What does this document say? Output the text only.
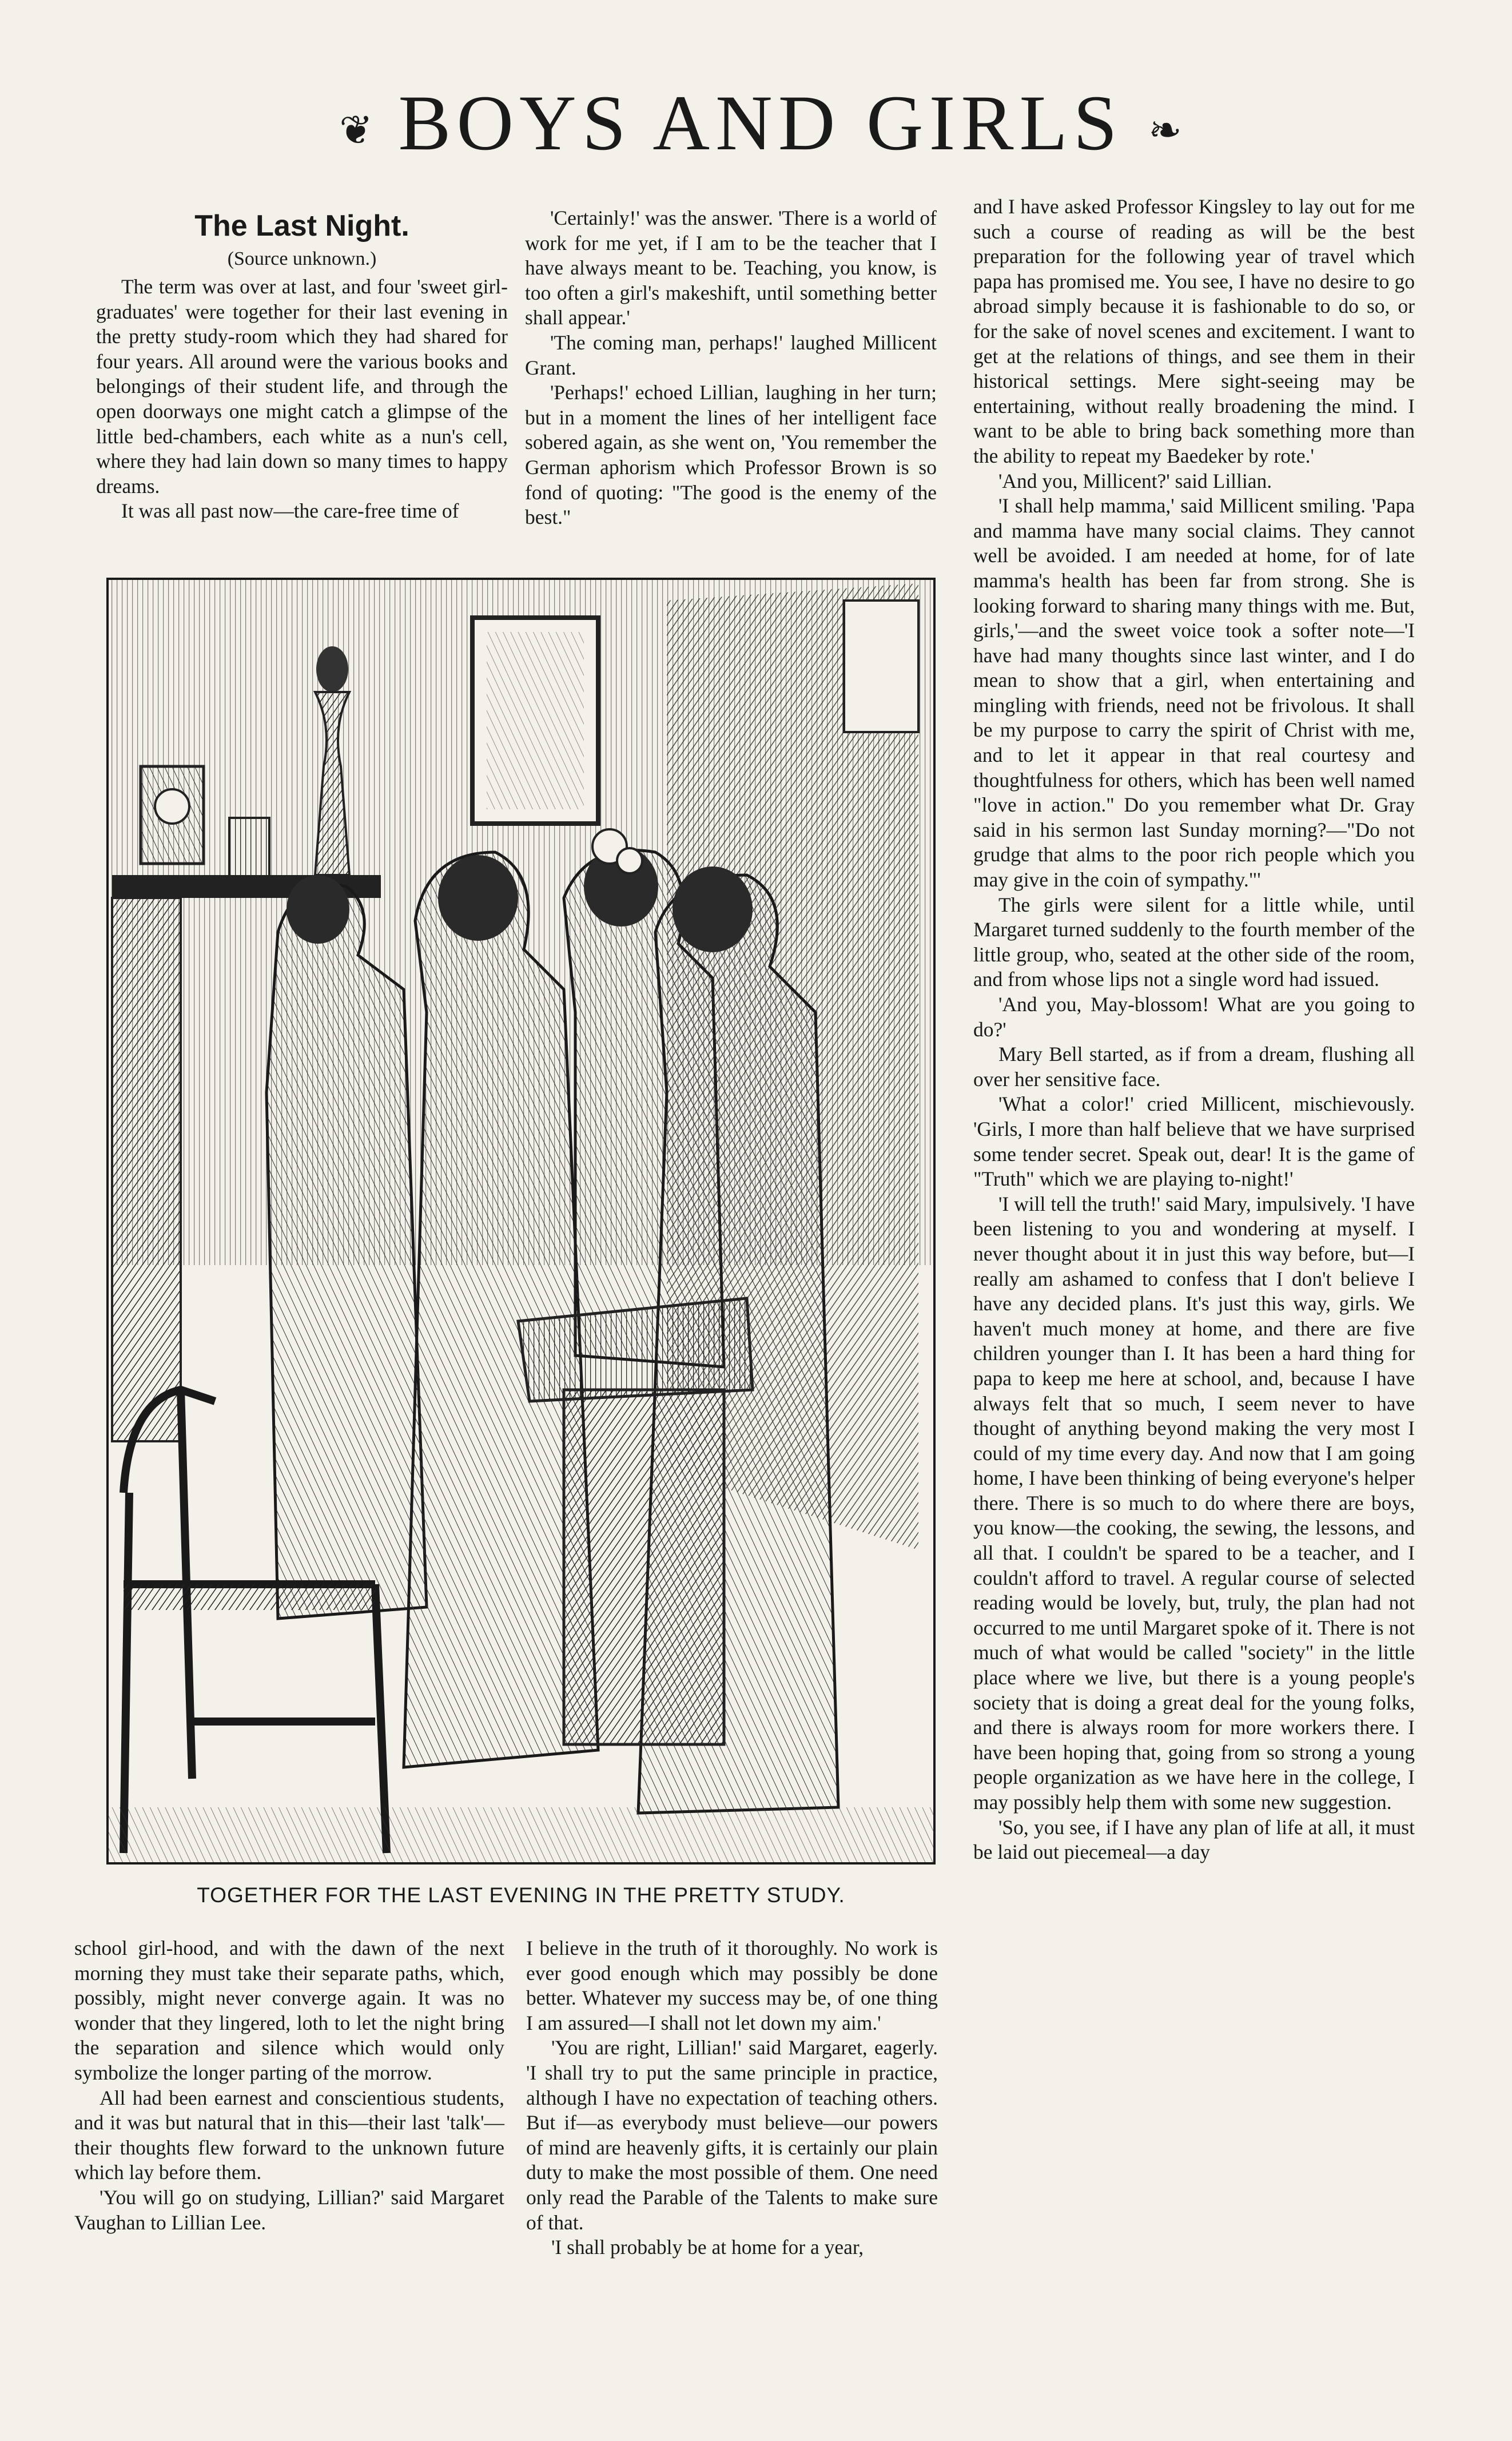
❦ BOYS AND GIRLS ❧
The Last Night.
(Source unknown.)

The term was over at last, and four 'sweet girl-graduates' were together for their last evening in the pretty study-room which they had shared for four years. All around were the various books and belongings of their student life, and through the open doorways one might catch a glimpse of the little bed-chambers, each white as a nun's cell, where they had lain down so many times to happy dreams.

It was all past now—the care-free time of

'Certainly!' was the answer. 'There is a world of work for me yet, if I am to be the teacher that I have always meant to be. Teaching, you know, is too often a girl's makeshift, until something better shall appear.'

'The coming man, perhaps!' laughed Millicent Grant.

'Perhaps!' echoed Lillian, laughing in her turn; but in a moment the lines of her intelligent face sobered again, as she went on, 'You remember the German aphorism which Professor Brown is so fond of quoting: "The good is the enemy of the best."

and I have asked Professor Kingsley to lay out for me such a course of reading as will be the best preparation for the following year of travel which papa has promised me. You see, I have no desire to go abroad simply because it is fashionable to do so, or for the sake of novel scenes and excitement. I want to get at the relations of things, and see them in their historical settings. Mere sight-seeing may be entertaining, without really broadening the mind. I want to be able to bring back something more than the ability to repeat my Baedeker by rote.'

'And you, Millicent?' said Lillian.

'I shall help mamma,' said Millicent smiling. 'Papa and mamma have many social claims. They cannot well be avoided. I am needed at home, for of late mamma's health has been far from strong. She is looking forward to sharing many things with me. But, girls,'—and the sweet voice took a softer note—'I have had many thoughts since last winter, and I do mean to show that a girl, when entertaining and mingling with friends, need not be frivolous. It shall be my purpose to carry the spirit of Christ with me, and to let it appear in that real courtesy and thoughtfulness for others, which has been well named "love in action." Do you remember what Dr. Gray said in his sermon last Sunday morning?—"Do not grudge that alms to the poor rich people which you may give in the coin of sympathy."'

The girls were silent for a little while, until Margaret turned suddenly to the fourth member of the little group, who, seated at the other side of the room, and from whose lips not a single word had issued.

'And you, May-blossom! What are you going to do?'

Mary Bell started, as if from a dream, flushing all over her sensitive face.

'What a color!' cried Millicent, mischievously. 'Girls, I more than half believe that we have surprised some tender secret. Speak out, dear! It is the game of "Truth" which we are playing to-night!'

'I will tell the truth!' said Mary, impulsively. 'I have been listening to you and wondering at myself. I never thought about it in just this way before, but—I really am ashamed to confess that I don't believe I have any decided plans. It's just this way, girls. We haven't much money at home, and there are five children younger than I. It has been a hard thing for papa to keep me here at school, and, because I have always felt that so much, I seem never to have thought of anything beyond making the very most I could of my time every day. And now that I am going home, I have been thinking of being everyone's helper there. There is so much to do where there are boys, you know—the cooking, the sewing, the lessons, and all that. I couldn't be spared to be a teacher, and I couldn't afford to travel. A regular course of selected reading would be lovely, but, truly, the plan had not occurred to me until Margaret spoke of it. There is not much of what would be called "society" in the little place where we live, but there is a young people's society that is doing a great deal for the young folks, and there is always room for more workers there. I have been hoping that, going from so strong a young people organization as we have here in the college, I may possibly help them with some new suggestion.

'So, you see, if I have any plan of life at all, it must be laid out piecemeal—a day

TOGETHER FOR THE LAST EVENING IN THE PRETTY STUDY.

school girl-hood, and with the dawn of the next morning they must take their separate paths, which, possibly, might never converge again. It was no wonder that they lingered, loth to let the night bring the separation and silence which would only symbolize the longer parting of the morrow.

All had been earnest and conscientious students, and it was but natural that in this—their last 'talk'—their thoughts flew forward to the unknown future which lay before them.

'You will go on studying, Lillian?' said Margaret Vaughan to Lillian Lee.

I believe in the truth of it thoroughly. No work is ever good enough which may possibly be done better. Whatever my success may be, of one thing I am assured—I shall not let down my aim.'

'You are right, Lillian!' said Margaret, eagerly. 'I shall try to put the same principle in practice, although I have no expectation of teaching others. But if—as everybody must believe—our powers of mind are heavenly gifts, it is certainly our plain duty to make the most possible of them. One need only read the Parable of the Talents to make sure of that.

'I shall probably be at home for a year,
